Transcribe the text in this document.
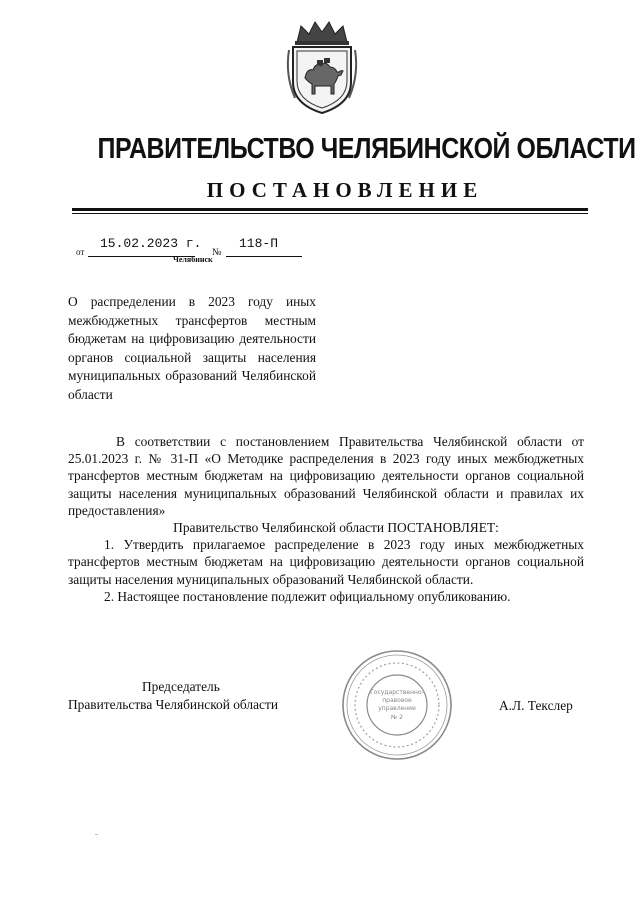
ПРАВИТЕЛЬСТВО ЧЕЛЯБИНСКОЙ ОБЛАСТИ
ПОСТАНОВЛЕНИЕ
от
15.02.2023 г.
№
118-П
Челябинск
О распределении в 2023 году иных межбюджетных трансфертов местным бюджетам на цифровизацию деятельности органов социальной защиты населения муниципальных образований Челябинской области

В соответствии с постановлением Правительства Челябинской области от 25.01.2023 г. № 31-П «О Методике распределения в 2023 году иных межбюджетных трансфертов местным бюджетам на цифровизацию деятельности органов социальной защиты населения муниципальных образований Челябинской области и правилах их предоставления»

Правительство Челябинской области ПОСТАНОВЛЯЕТ:

1. Утвердить прилагаемое распределение в 2023 году иных межбюджетных трансфертов местным бюджетам на цифровизацию деятельности органов социальной защиты населения муниципальных образований Челябинской области.

2. Настоящее постановление подлежит официальному опубликованию.

Председатель
Правительства Челябинской области	А.Л. Текслер
Государственно-
правовое
управление
№ 2
